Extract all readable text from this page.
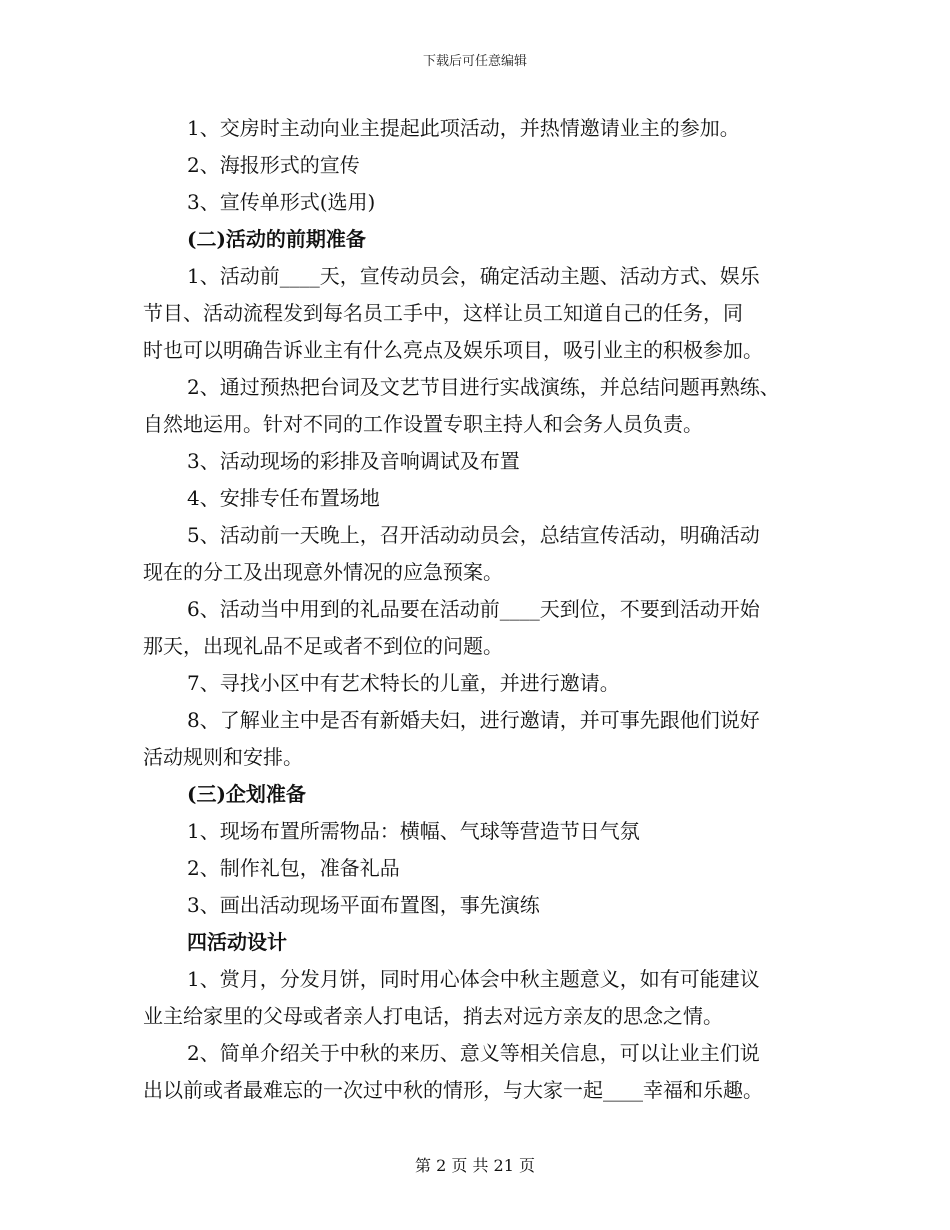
下载后可任意编辑

1、交房时主动向业主提起此项活动，并热情邀请业主的参加。

2、海报形式的宣传

3、宣传单形式(选用)

(二)活动的前期准备

1、活动前____天，宣传动员会，确定活动主题、活动方式、娱乐

节目、活动流程发到每名员工手中，这样让员工知道自己的任务，同

时也可以明确告诉业主有什么亮点及娱乐项目，吸引业主的积极参加。

2、通过预热把台词及文艺节目进行实战演练，并总结问题再熟练、

自然地运用。针对不同的工作设置专职主持人和会务人员负责。

3、活动现场的彩排及音响调试及布置

4、安排专任布置场地

5、活动前一天晚上，召开活动动员会，总结宣传活动，明确活动

现在的分工及出现意外情况的应急预案。

6、活动当中用到的礼品要在活动前____天到位，不要到活动开始

那天，出现礼品不足或者不到位的问题。

7、寻找小区中有艺术特长的儿童，并进行邀请。

8、了解业主中是否有新婚夫妇，进行邀请，并可事先跟他们说好

活动规则和安排。

(三)企划准备

1、现场布置所需物品：横幅、气球等营造节日气氛

2、制作礼包，准备礼品

3、画出活动现场平面布置图，事先演练

四活动设计

1、赏月，分发月饼，同时用心体会中秋主题意义，如有可能建议

业主给家里的父母或者亲人打电话，捎去对远方亲友的思念之情。

2、简单介绍关于中秋的来历、意义等相关信息，可以让业主们说

出以前或者最难忘的一次过中秋的情形，与大家一起____幸福和乐趣。

第 2 页 共 21 页
